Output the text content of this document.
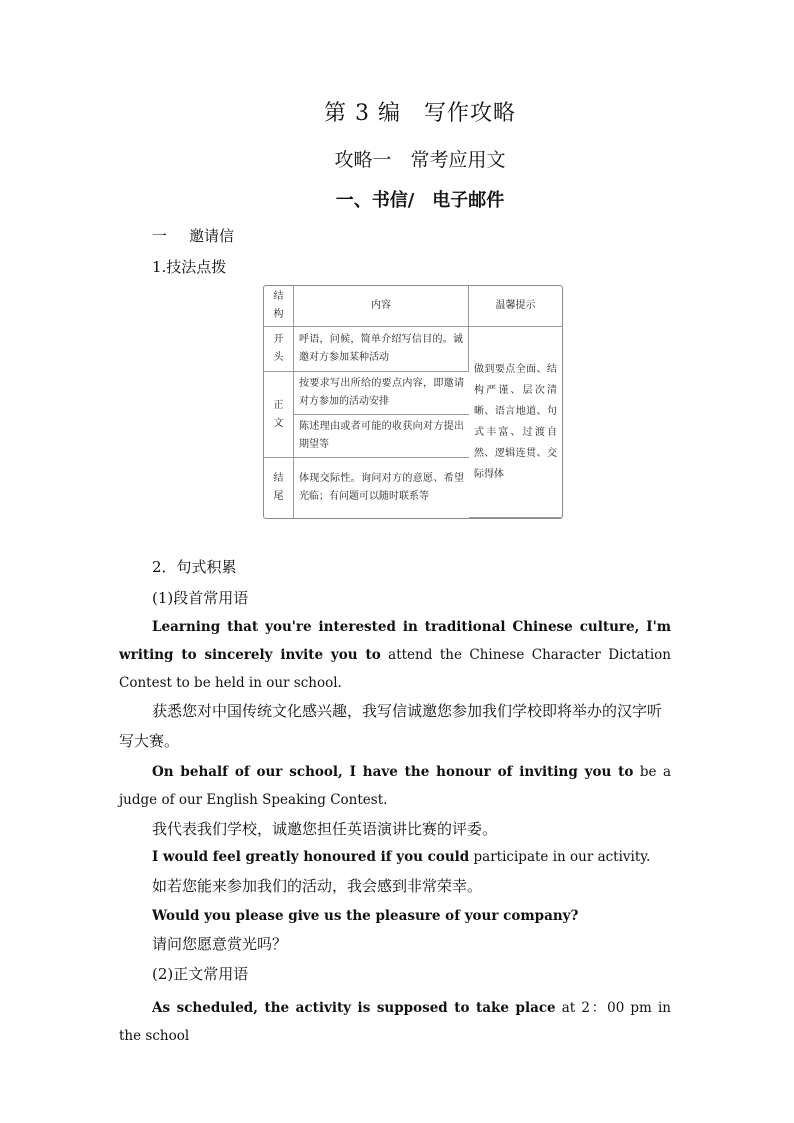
第 3 编　写作攻略
攻略一　常考应用文
一、书信/　电子邮件
一 邀请信
1.技法点拨
结构	内容	温馨提示
开头	呼语，问候，简单介绍写信目的。诚邀对方参加某种活动	做到要点全面、结构严谨、层次清晰、语言地道、句式丰富、过渡自然、逻辑连贯、交际得体
正文	按要求写出所给的要点内容，即邀请对方参加的活动安排	
	陈述理由或者可能的收获向对方提出期望等	
结尾	体现交际性。询问对方的意愿、希望光临；有问题可以随时联系等	
2．句式积累
(1)段首常用语
Learning that you're interested in traditional Chinese culture, I'm writing to sincerely invite you to attend the Chinese Character Dictation Contest to be held in our school.
获悉您对中国传统文化感兴趣，我写信诚邀您参加我们学校即将举办的汉字听写大赛。
On behalf of our school, I have the honour of inviting you to be a judge of our English Speaking Contest.
我代表我们学校，诚邀您担任英语演讲比赛的评委。
I would feel greatly honoured if you could participate in our activity.
如若您能来参加我们的活动，我会感到非常荣幸。
Would you please give us the pleasure of your company?
请问您愿意赏光吗？
(2)正文常用语
As scheduled, the activity is supposed to take place at 2：00 pm in the school
